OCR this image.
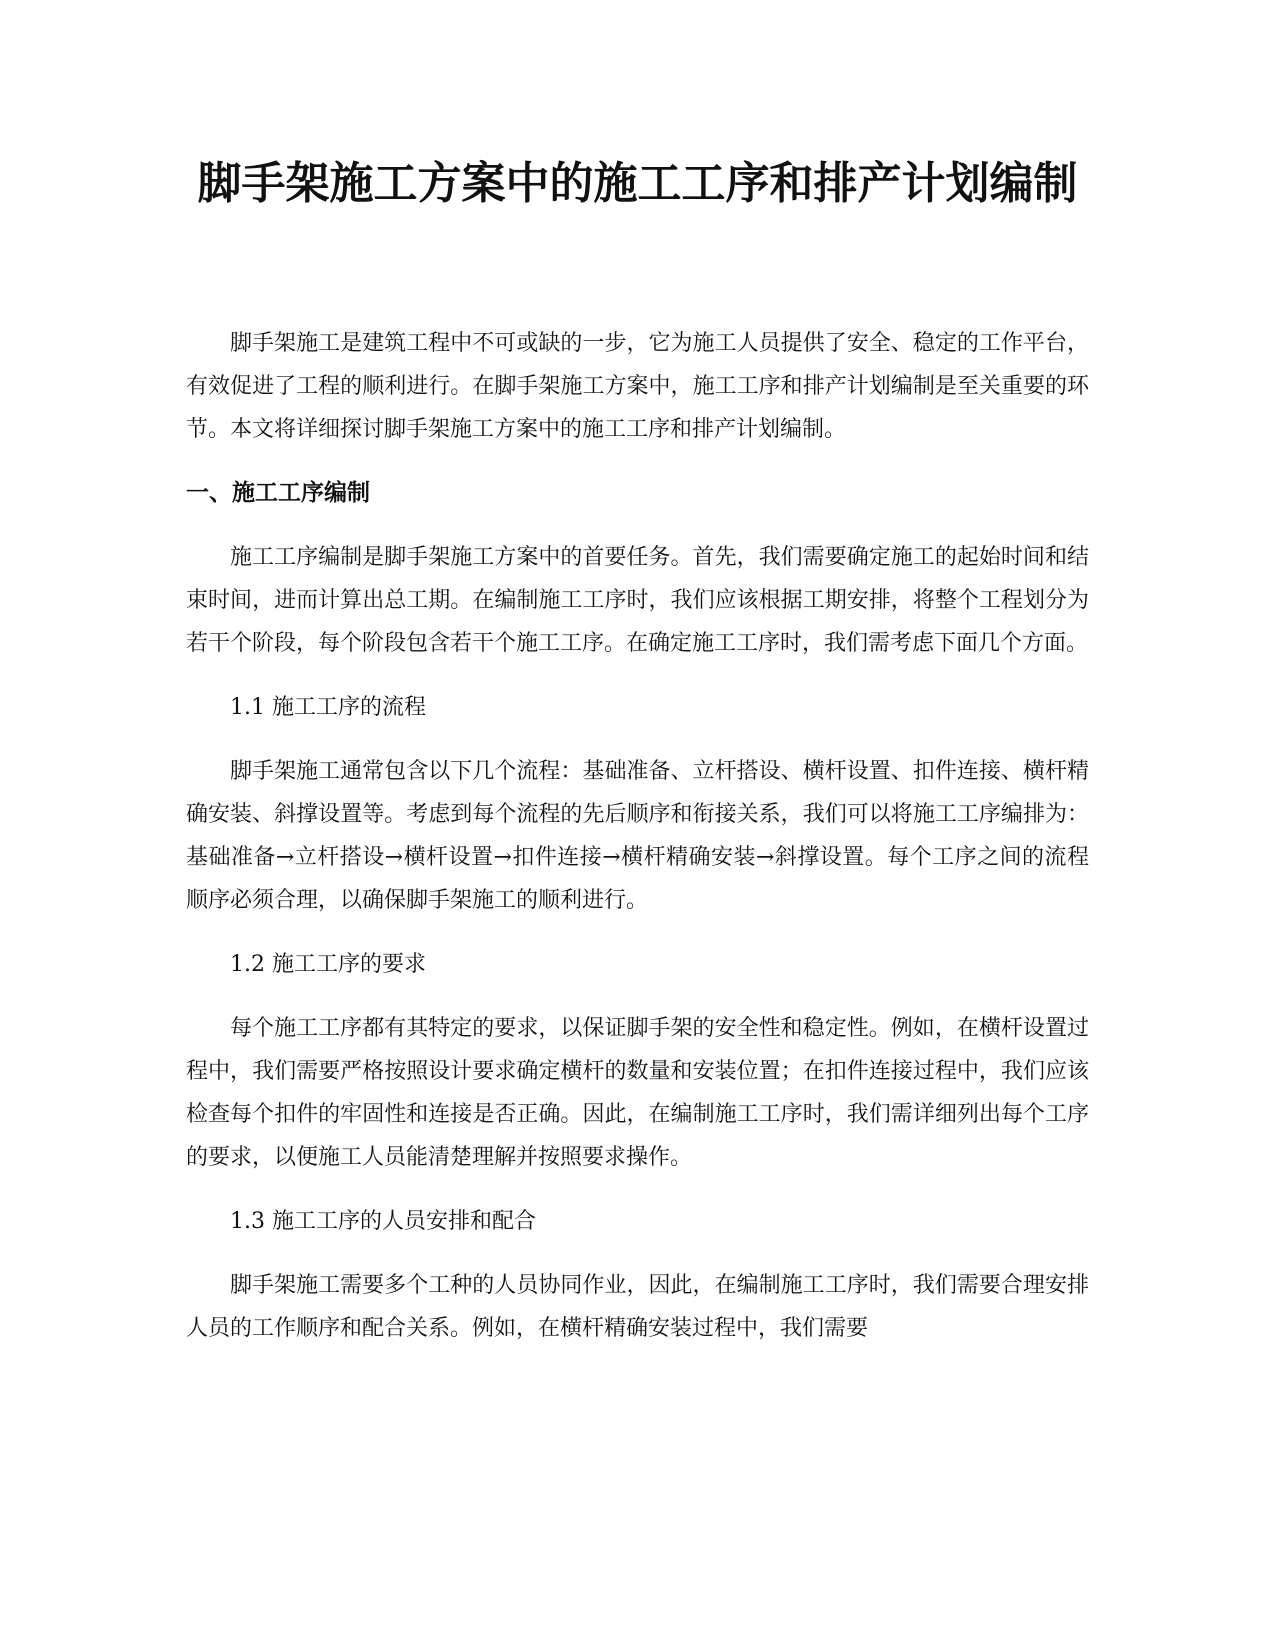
脚手架施工方案中的施工工序和排产计划编制

脚手架施工是建筑工程中不可或缺的一步，它为施工人员提供了安全、稳定的工作平台，有效促进了工程的顺利进行。在脚手架施工方案中，施工工序和排产计划编制是至关重要的环节。本文将详细探讨脚手架施工方案中的施工工序和排产计划编制。

一、施工工序编制

施工工序编制是脚手架施工方案中的首要任务。首先，我们需要确定施工的起始时间和结束时间，进而计算出总工期。在编制施工工序时，我们应该根据工期安排，将整个工程划分为若干个阶段，每个阶段包含若干个施工工序。在确定施工工序时，我们需考虑下面几个方面。

1.1 施工工序的流程

脚手架施工通常包含以下几个流程：基础准备、立杆搭设、横杆设置、扣件连接、横杆精确安装、斜撑设置等。考虑到每个流程的先后顺序和衔接关系，我们可以将施工工序编排为：基础准备→立杆搭设→横杆设置→扣件连接→横杆精确安装→斜撑设置。每个工序之间的流程顺序必须合理，以确保脚手架施工的顺利进行。

1.2 施工工序的要求

每个施工工序都有其特定的要求，以保证脚手架的安全性和稳定性。例如，在横杆设置过程中，我们需要严格按照设计要求确定横杆的数量和安装位置；在扣件连接过程中，我们应该检查每个扣件的牢固性和连接是否正确。因此，在编制施工工序时，我们需详细列出每个工序的要求，以便施工人员能清楚理解并按照要求操作。

1.3 施工工序的人员安排和配合

脚手架施工需要多个工种的人员协同作业，因此，在编制施工工序时，我们需要合理安排人员的工作顺序和配合关系。例如，在横杆精确安装过程中，我们需要
